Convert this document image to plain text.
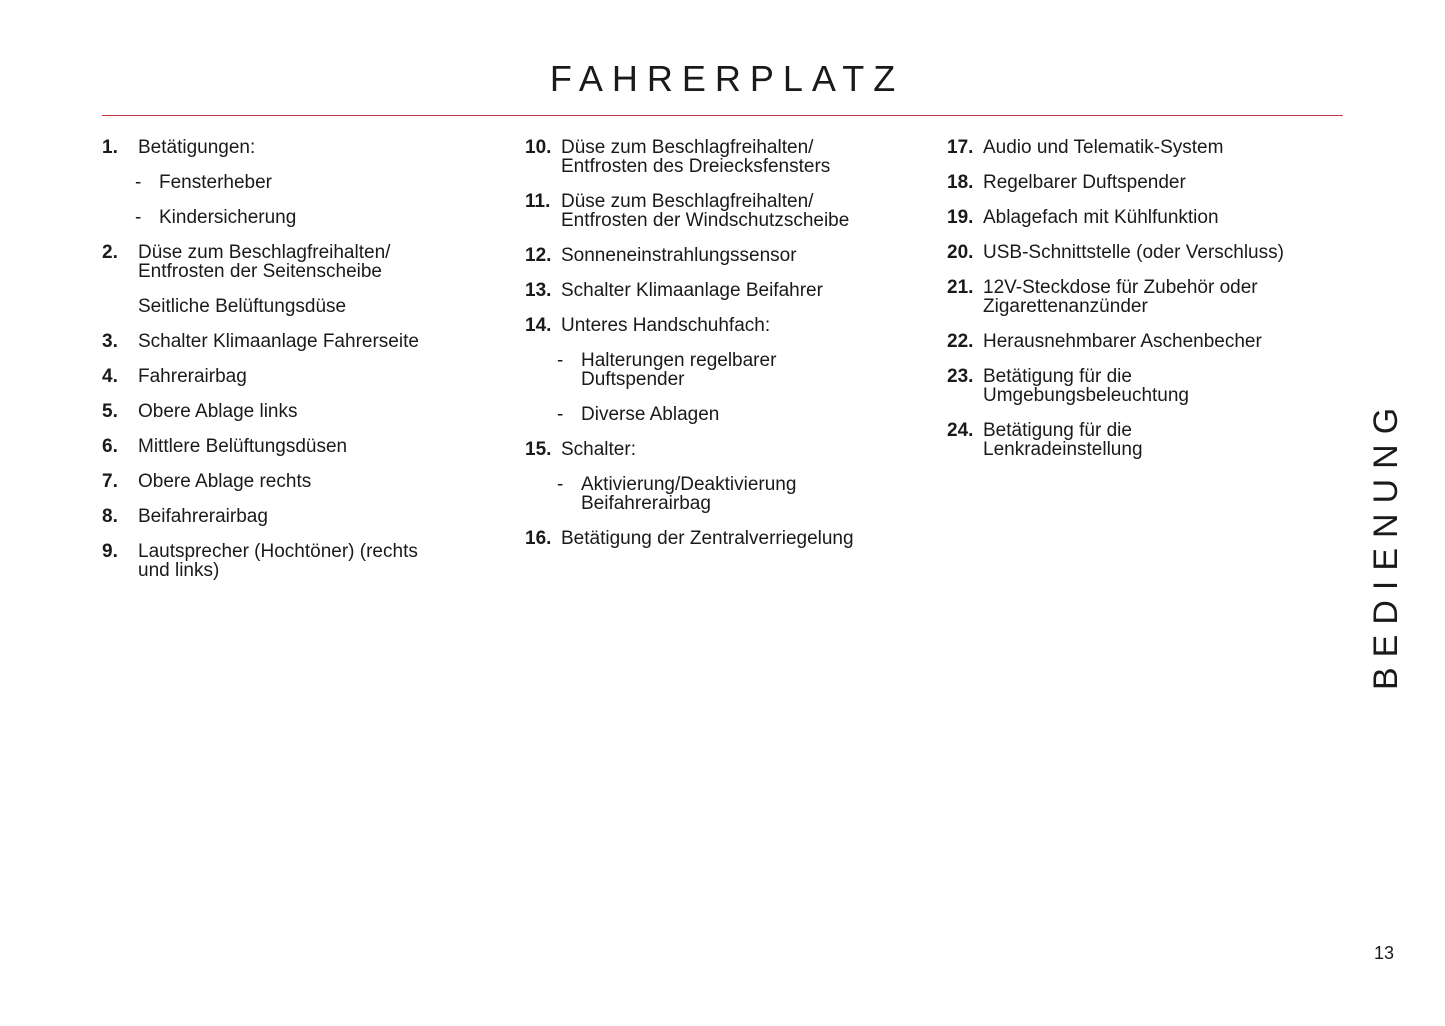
FAHRERPLATZ
1.	Betätigungen:
- Fensterheber
- Kindersicherung
2.	Düse zum Beschlagfreihalten/
Entfrosten der Seitenscheibe
Seitliche Belüftungsdüse
3.	Schalter Klimaanlage Fahrerseite
4.	Fahrerairbag
5.	Obere Ablage links
6.	Mittlere Belüftungsdüsen
7.	Obere Ablage rechts
8.	Beifahrerairbag
9.	Lautsprecher (Hochtöner) (rechts
und links)
10. Düse zum Beschlagfreihalten/
Entfrosten des Dreiecksfensters
11. Düse zum Beschlagfreihalten/
Entfrosten der Windschutzscheibe
12. Sonneneinstrahlungssensor
13. Schalter Klimaanlage Beifahrer
14. Unteres Handschuhfach:
- Halterungen regelbarer
Duftspender
- Diverse Ablagen
15. Schalter:
- Aktivierung/Deaktivierung
Beifahrerairbag
16. Betätigung der Zentralverriegelung
17. Audio und Telematik-System
18. Regelbarer Duftspender
19. Ablagefach mit Kühlfunktion
20. USB-Schnittstelle (oder Verschluss)
21. 12V-Steckdose für Zubehör oder
Zigarettenanzünder
22. Herausnehmbarer Aschenbecher
23. Betätigung für die
Umgebungsbeleuchtung
24. Betätigung für die
Lenkradeinstellung	BEDIENUNG
13
